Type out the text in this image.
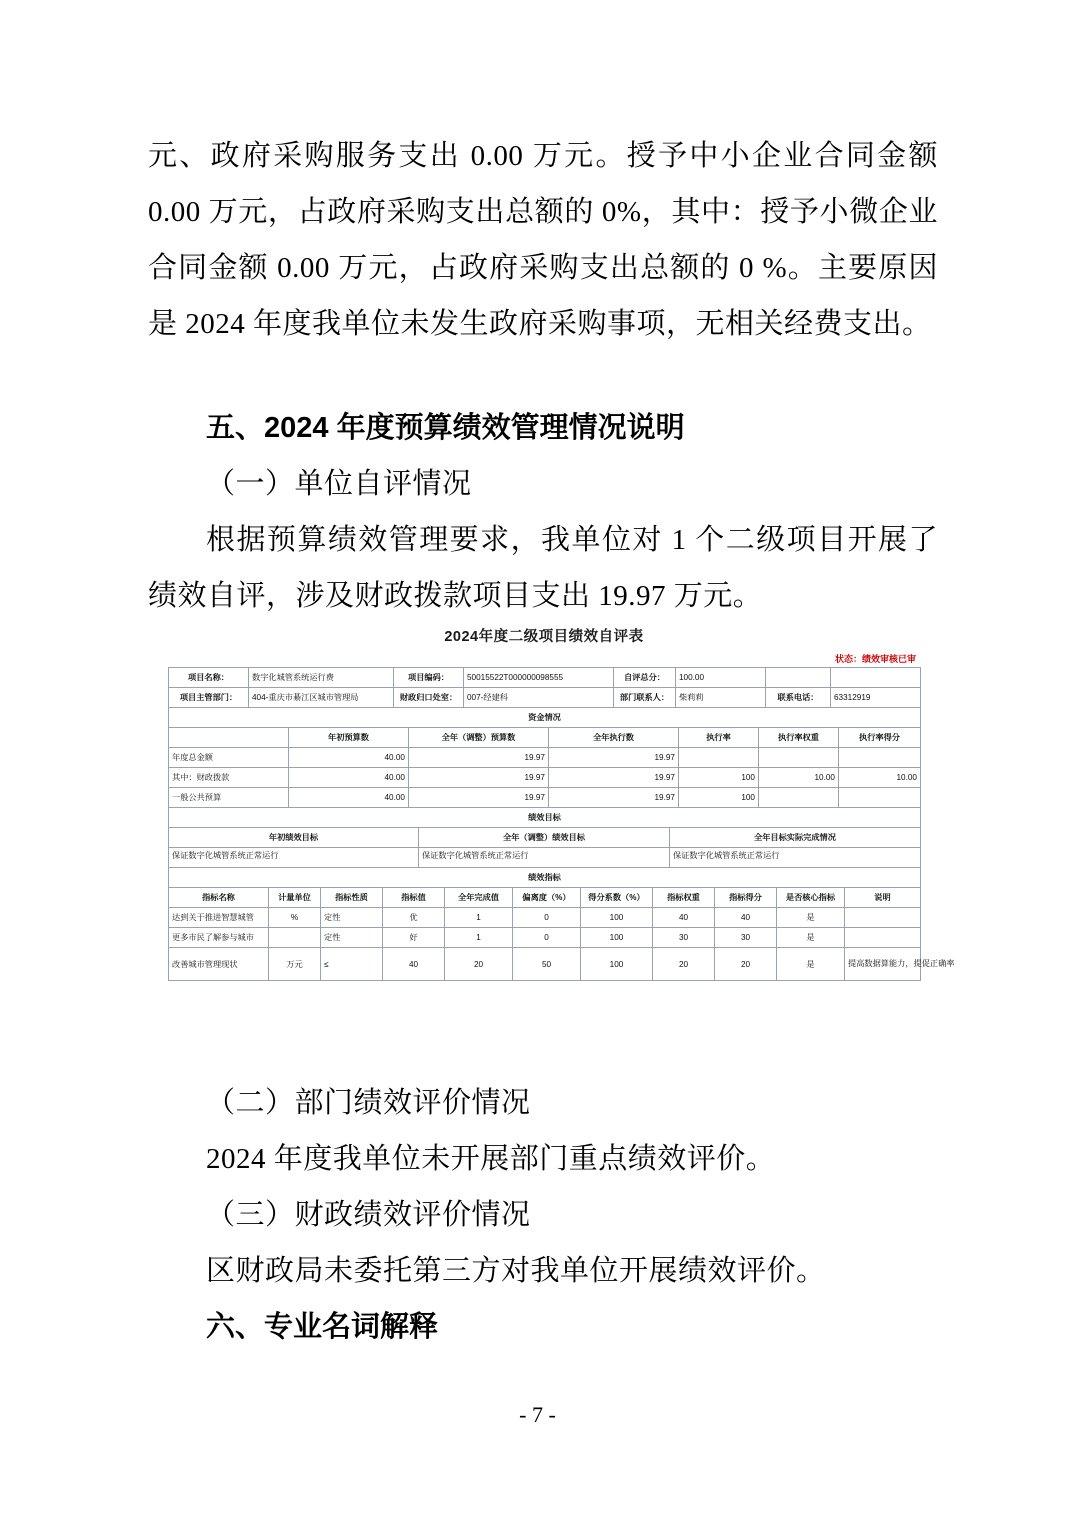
元、政府采购服务支出 0.00 万元。授予中小企业合同金额 0.00 万元，占政府采购支出总额的 0%，其中：授予小微企业合同金额 0.00 万元，占政府采购支出总额的 0 %。主要原因是 2024 年度我单位未发生政府采购事项，无相关经费支出。

五、2024 年度预算绩效管理情况说明

（一）单位自评情况

根据预算绩效管理要求，我单位对 1 个二级项目开展了绩效自评，涉及财政拨款项目支出 19.97 万元。

2024年度二级项目绩效自评表
状态：绩效审核已审
项目名称：	数字化城管系统运行费	项目编码：	50015522T000000098555	自评总分：	100.00		
项目主管部门：	404-重庆市綦江区城市管理局	财政归口处室：	007-经建科	部门联系人：	柴莉莉	联系电话：	63312919
资金情况							
	年初预算数	全年（调整）预算数	全年执行数	执行率	执行率权重	执行率得分
年度总金额	40.00	19.97	19.97			
其中：财政拨款	40.00	19.97	19.97	100	10.00	10.00
一般公共预算	40.00	19.97	19.97	100		
绩效目标						
年初绩效目标	全年（调整）绩效目标	全年目标实际完成情况
保证数字化城管系统正常运行	保证数字化城管系统正常运行	保证数字化城管系统正常运行
绩效指标		
指标名称	计量单位	指标性质	指标值	全年完成值	偏离度（%）	得分系数（%）	指标权重	指标得分	是否核心指标	说明
达到关于推进智慧城管	%	定性	优	1	0	100	40	40	是	
更多市民了解参与城市		定性	好	1	0	100	30	30	是	
改善城市管理现状	万元	≤	40	20	50	100	20	20	是	提高数据算能力，提促正确率

（二）部门绩效评价情况

2024 年度我单位未开展部门重点绩效评价。

（三）财政绩效评价情况

区财政局未委托第三方对我单位开展绩效评价。

六、专业名词解释
- 7 -
